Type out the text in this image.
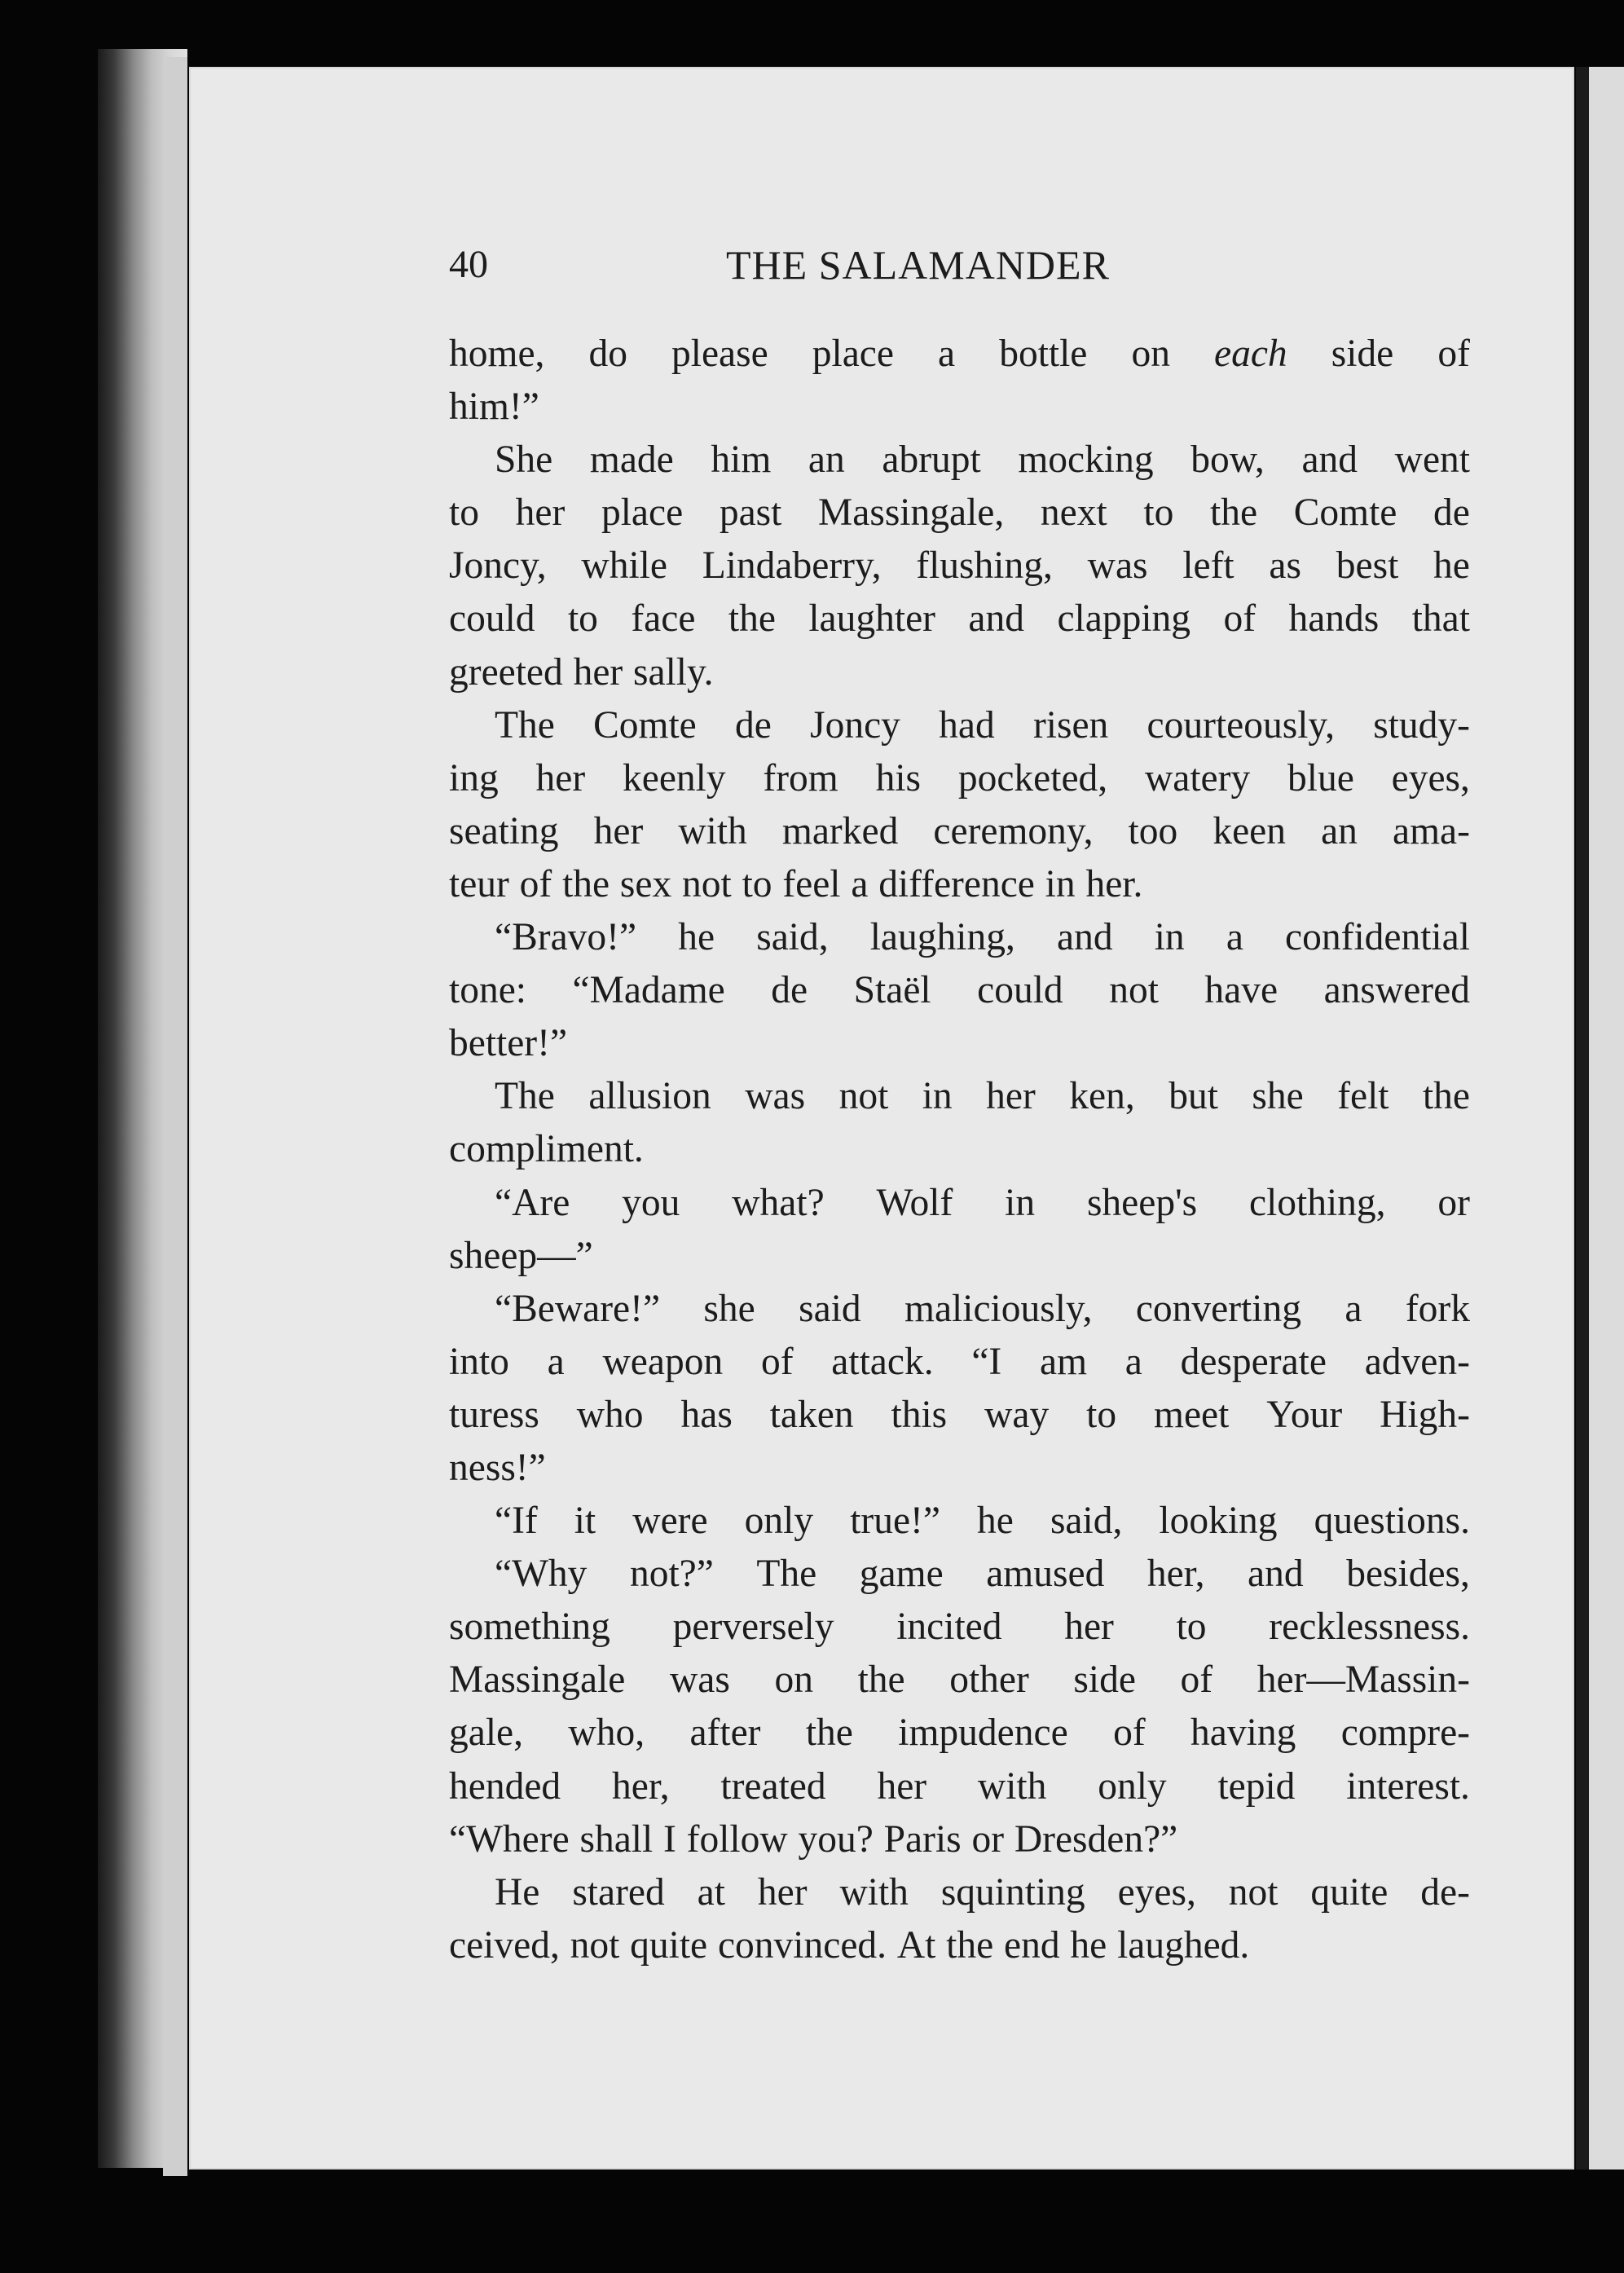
40	THE SALAMANDER
home, do please place a bottle on each side of
him!”
She made him an abrupt mocking bow, and went
to her place past Massingale, next to the Comte de
Joncy, while Lindaberry, flushing, was left as best he
could to face the laughter and clapping of hands that
greeted her sally.
The Comte de Joncy had risen courteously, study-
ing her keenly from his pocketed, watery blue eyes,
seating her with marked ceremony, too keen an ama-
teur of the sex not to feel a difference in her.
“Bravo!” he said, laughing, and in a confidential
tone: “Madame de Staël could not have answered
better!”
The allusion was not in her ken, but she felt the
compliment.
“Are you what? Wolf in sheep's clothing, or
sheep—”
“Beware!” she said maliciously, converting a fork
into a weapon of attack. “I am a desperate adven-
turess who has taken this way to meet Your High-
ness!”
“If it were only true!” he said, looking questions.
“Why not?” The game amused her, and besides,
something perversely incited her to recklessness.
Massingale was on the other side of her—Massin-
gale, who, after the impudence of having compre-
hended her, treated her with only tepid interest.
“Where shall I follow you? Paris or Dresden?”
He stared at her with squinting eyes, not quite de-
ceived, not quite convinced. At the end he laughed.
